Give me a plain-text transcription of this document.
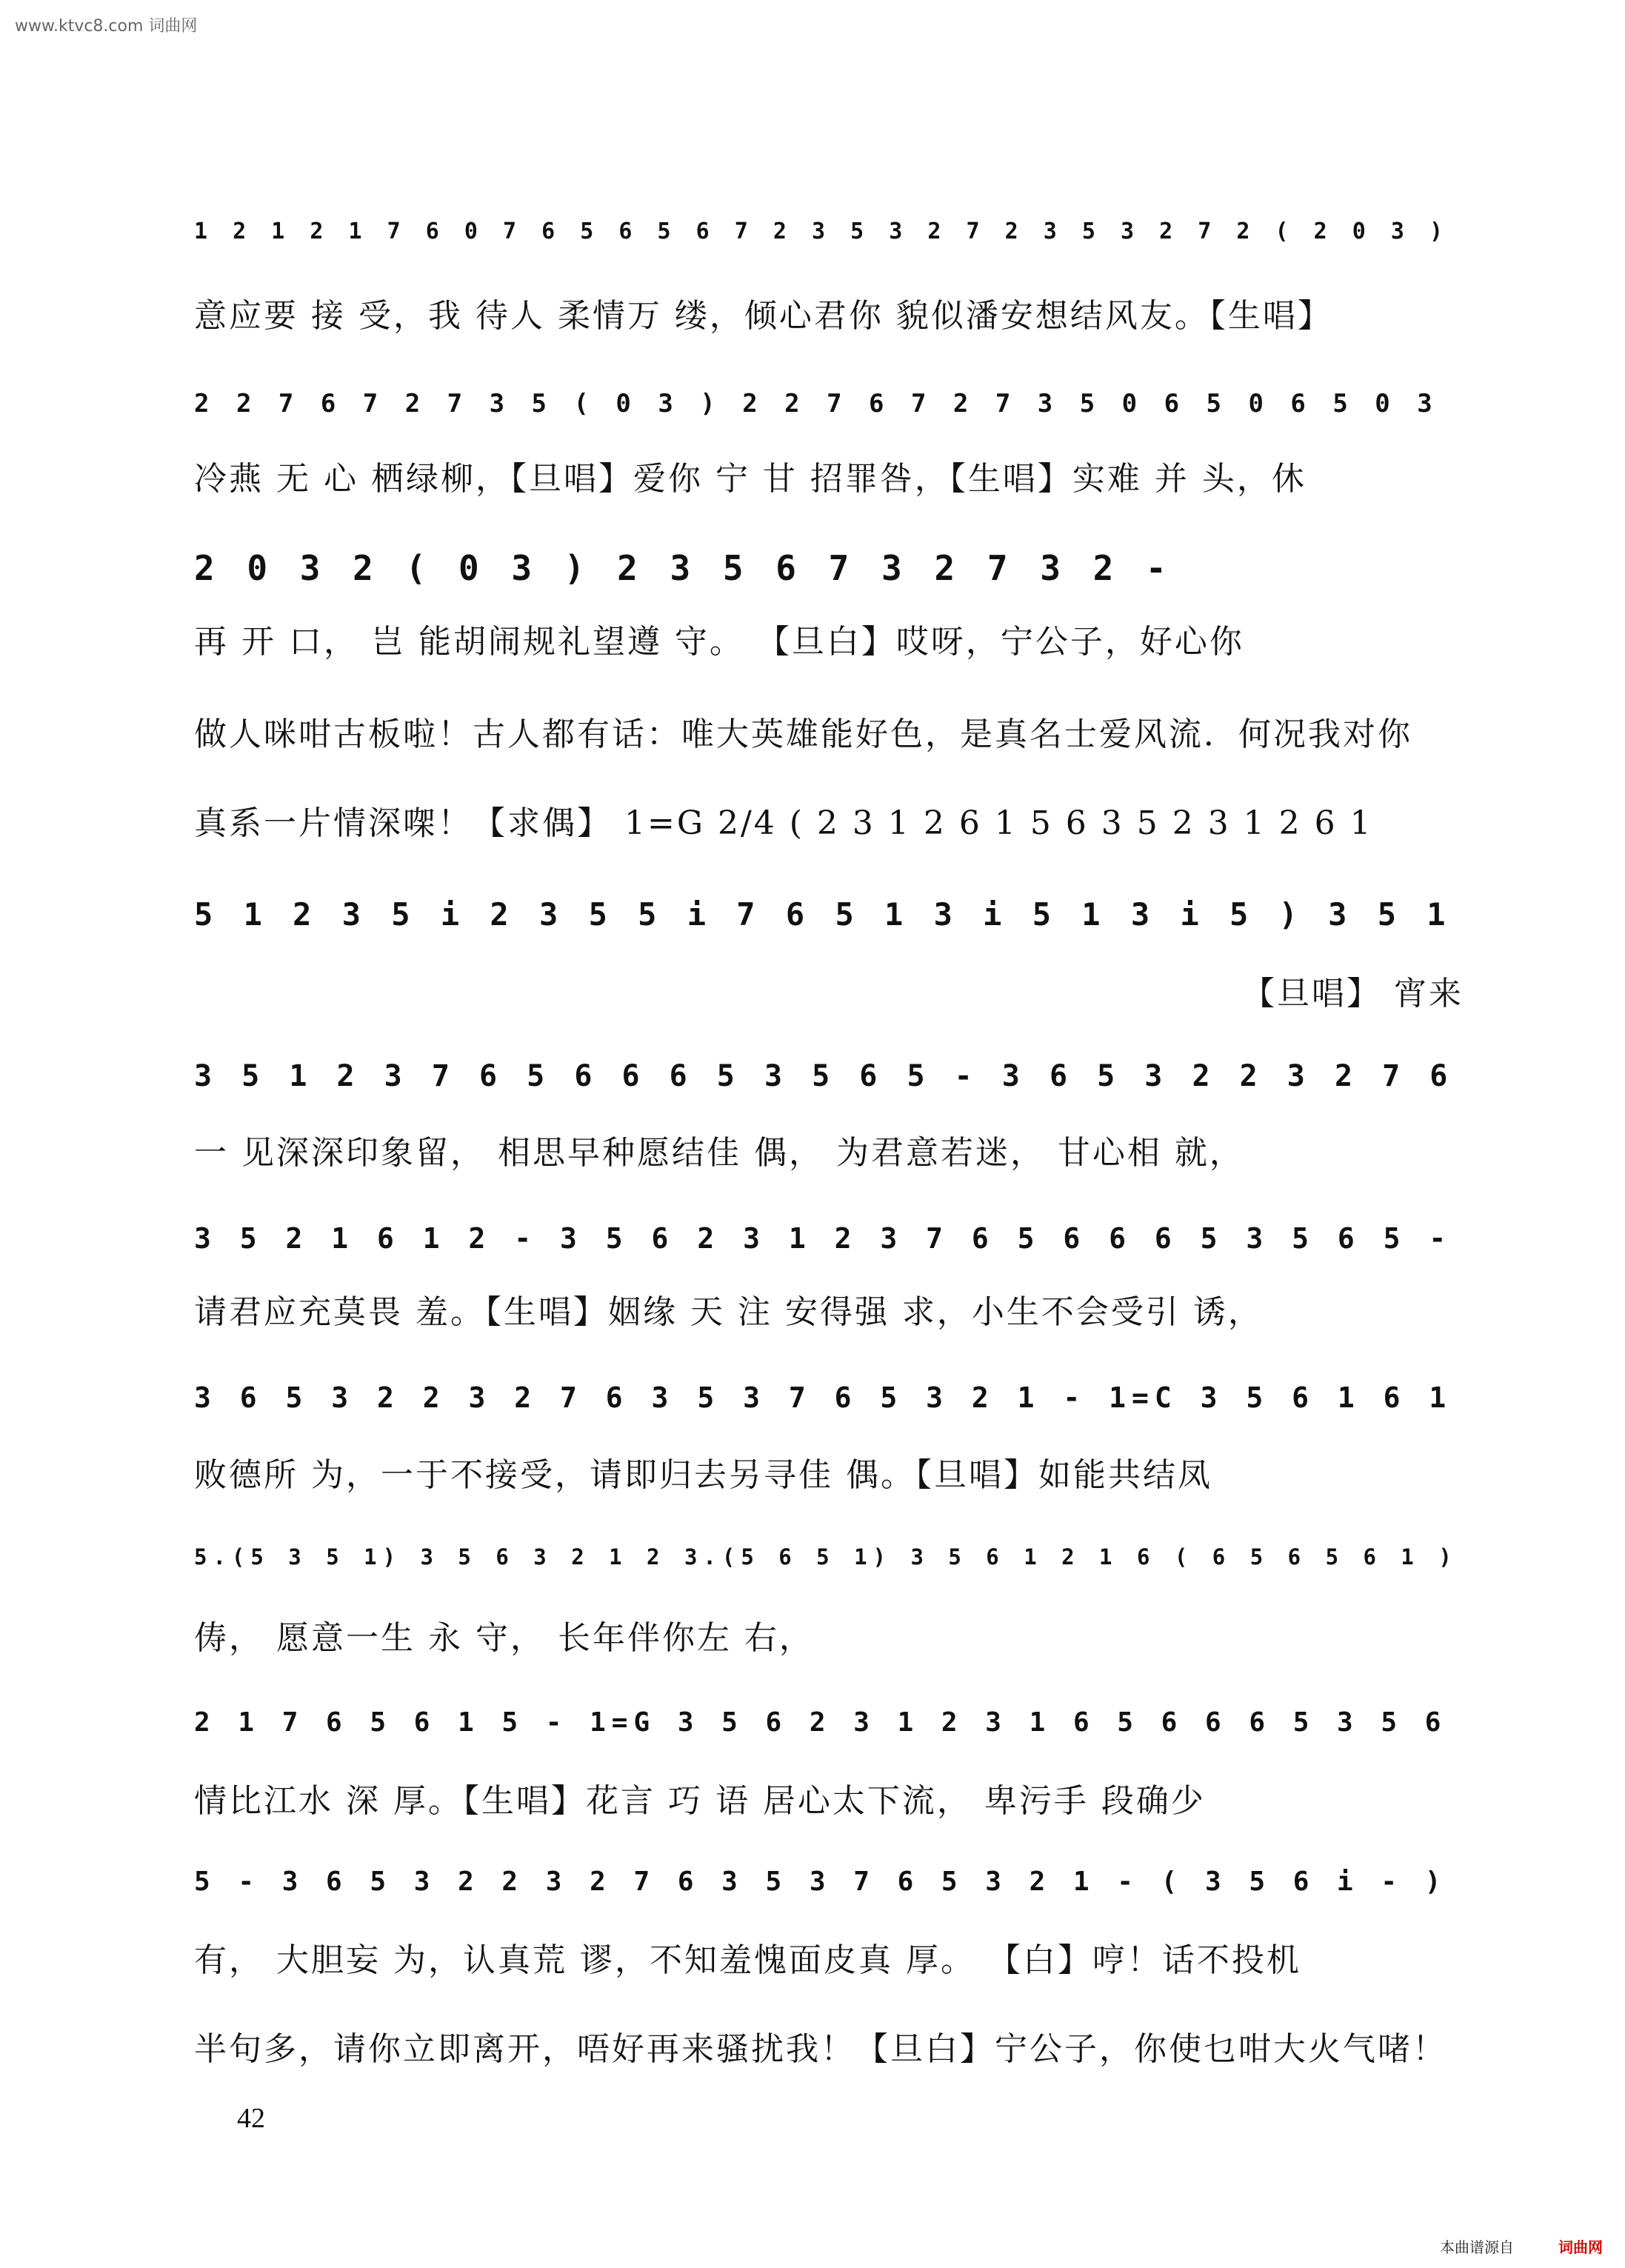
www.ktvc8.com 词曲网
1 2 1 2 1 7 6 0 7 6 5 6 5 6 7 2 3 5 3 2 7 2 3 5 3 2 7 2 ( 2 0 3 )
意应要 接 受，我 待人 柔情万 缕，倾心君你 貌似潘安想结风友。【生唱】
2 2 7 6 7 2 7 3 5 ( 0 3 ) 2 2 7 6 7 2 7 3 5 0 6 5 0 6 5 0 3
冷燕 无 心 栖绿柳，【旦唱】爱你 宁 甘 招罪咎，【生唱】实难 并 头，休
2 0 3 2 ( 0 3 ) 2 3 5 6 7 3 2 7 3 2 -
再 开 口， 岂 能胡闹规礼望遵 守。 【旦白】哎呀，宁公子，好心你
做人咪咁古板啦！古人都有话：唯大英雄能好色，是真名士爱风流．何况我对你
真系一片情深㗎！【求偶】 1=G 2/4 ( 2 3 1 2 6 1 5 6 3 5 2 3 1 2 6 1
5 1 2 3 5 i 2 3 5 5 i 7 6 5 1 3 i 5 1 3 i 5 ) 3 5 1
【旦唱】 宵来
3 5 1 2 3 7 6 5 6 6 6 5 3 5 6 5 - 3 6 5 3 2 2 3 2 7 6
一 见深深印象留， 相思早种愿结佳 偶， 为君意若迷， 甘心相 就，
3 5 2 1 6 1 2 - 3 5 6 2 3 1 2 3 7 6 5 6 6 6 5 3 5 6 5 -
请君应充莫畏 羞。【生唱】姻缘 天 注 安得强 求，小生不会受引 诱，
3 6 5 3 2 2 3 2 7 6 3 5 3 7 6 5 3 2 1 - 1=C 3 5 6 1 6 1
败德所 为，一于不接受，请即归去另寻佳 偶。【旦唱】如能共结凤
5.(5 3 5 1) 3 5 6 3 2 1 2 3.(5 6 5 1) 3 5 6 1 2 1 6 ( 6 5 6 5 6 1 )
俦， 愿意一生 永 守， 长年伴你左 右，
2 1 7 6 5 6 1 5 - 1=G 3 5 6 2 3 1 2 3 1 6 5 6 6 6 5 3 5 6
情比江水 深 厚。【生唱】花言 巧 语 居心太下流， 卑污手 段确少
5 - 3 6 5 3 2 2 3 2 7 6 3 5 3 7 6 5 3 2 1 - ( 3 5 6 i - )
有， 大胆妄 为，认真荒 谬，不知羞愧面皮真 厚。 【白】哼！话不投机
半句多，请你立即离开，唔好再来骚扰我！【旦白】宁公子，你使乜咁大火气啫！
42
本曲谱源自	词曲网
